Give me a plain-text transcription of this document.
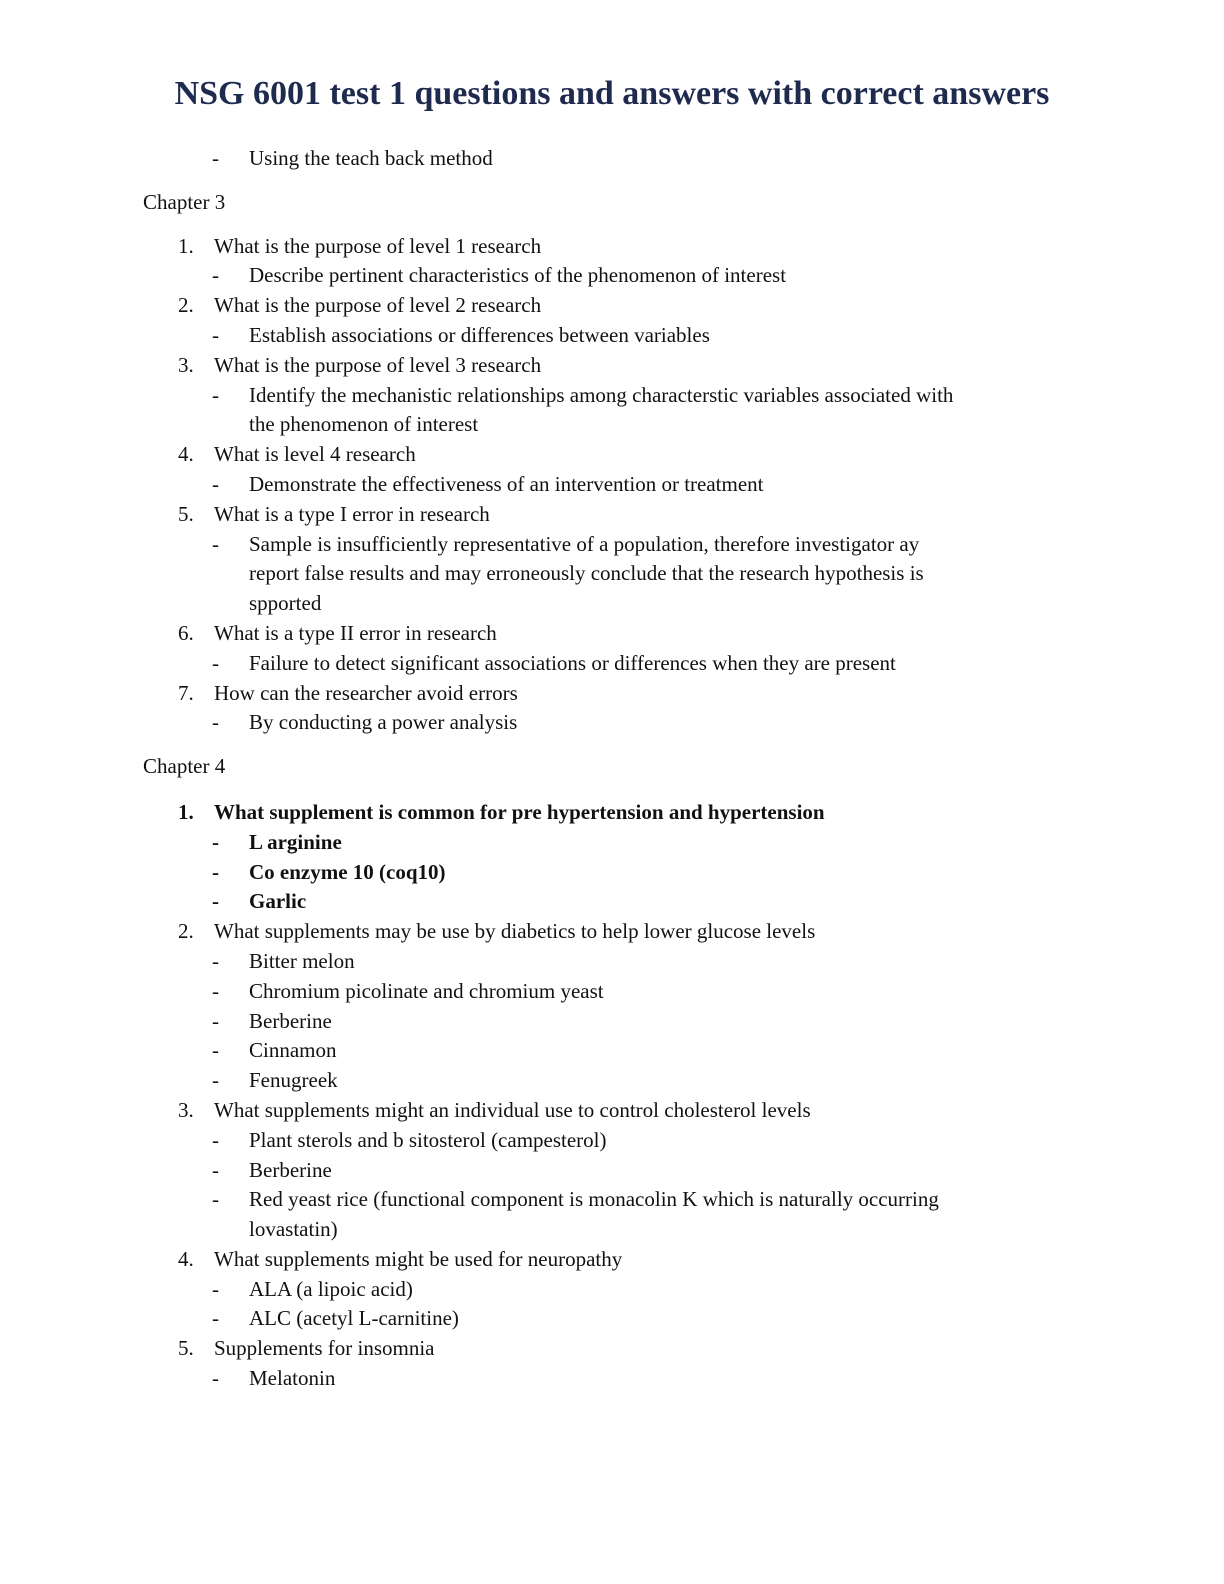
NSG 6001 test 1 questions and answers with correct answers
- Using the teach back method
Chapter 3
1. What is the purpose of level 1 research
- Describe pertinent characteristics of the phenomenon of interest
2. What is the purpose of level 2 research
- Establish associations or differences between variables
3. What is the purpose of level 3 research
- Identify the mechanistic relationships among characterstic variables associated with
the phenomenon of interest
4. What is level 4 research
- Demonstrate the effectiveness of an intervention or treatment
5. What is a type I error in research
- Sample is insufficiently representative of a population, therefore investigator ay
report false results and may erroneously conclude that the research hypothesis is
spported
6. What is a type II error in research
- Failure to detect significant associations or differences when they are present
7. How can the researcher avoid errors
- By conducting a power analysis
Chapter 4
1. What supplement is common for pre hypertension and hypertension
- L arginine
- Co enzyme 10 (coq10)
- Garlic
2. What supplements may be use by diabetics to help lower glucose levels
- Bitter melon
- Chromium picolinate and chromium yeast
- Berberine
- Cinnamon
- Fenugreek
3. What supplements might an individual use to control cholesterol levels
- Plant sterols and b sitosterol (campesterol)
- Berberine
- Red yeast rice (functional component is monacolin K which is naturally occurring
lovastatin)
4. What supplements might be used for neuropathy
- ALA (a lipoic acid)
- ALC (acetyl L-carnitine)
5. Supplements for insomnia
- Melatonin
